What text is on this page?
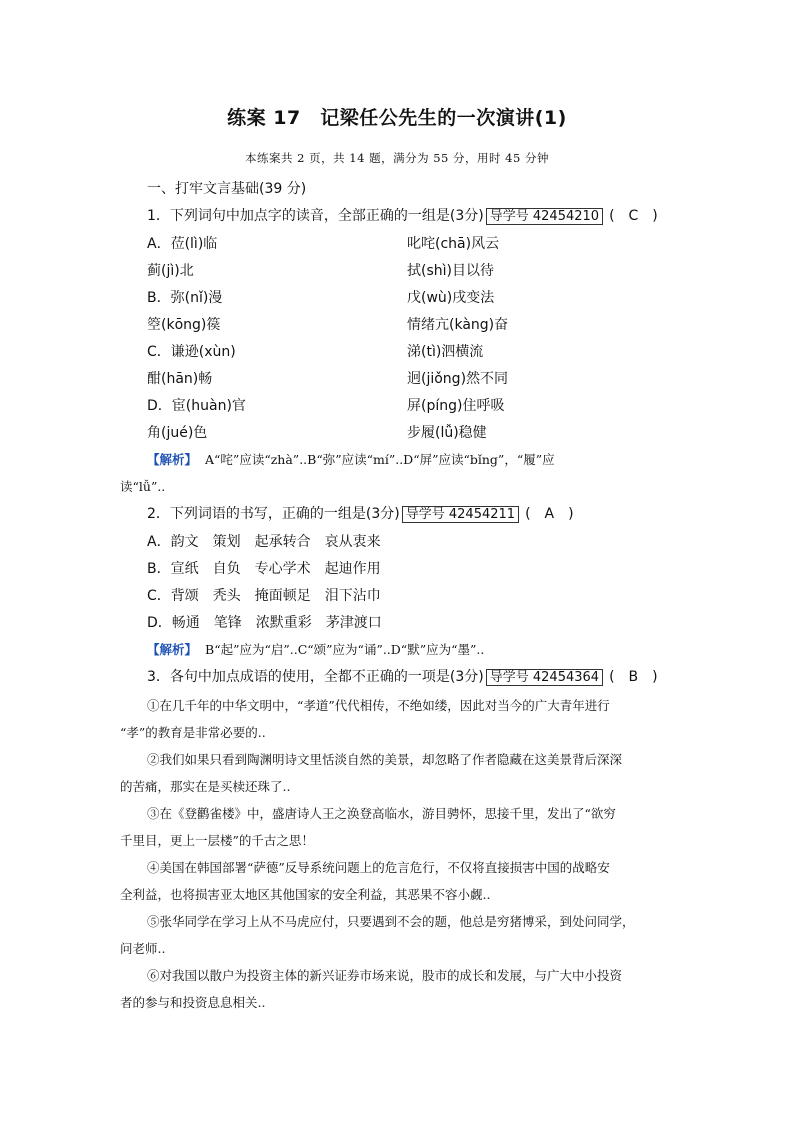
练案 17　记梁任公先生的一次演讲(1)
本练案共 2 页，共 14 题，满分为 55 分，用时 45 分钟
一、打牢文言基础(39 分)
1．下列词句中加点字的读音，全部正确的一组是(3分) 导学号 42454210 (　C　)
A．莅(lì)临	叱咤(chā)风云
蓟(jì)北	拭(shì)目以待
B．弥(nǐ)漫	戊(wù)戌变法
箜(kōng)篌	情绪亢(kàng)奋
C．谦逊(xùn)	涕(tì)泗横流
酣(hān)畅	迥(jiǒng)然不同
D．宦(huàn)官	屏(píng)住呼吸
角(jué)色	步履(lǚ)稳健
【解析】 A“咤”应读“zhà”..B“弥”应读“mí”..D“屏”应读“bǐng”，“履”应
读“lǚ”..
2．下列词语的书写，正确的一组是(3分) 导学号 42454211 (　A　)
A．韵文　策划　起承转合　哀从衷来
B．宣纸　自负　专心学术　起迪作用
C．背颂　秃头　掩面顿足　泪下沾巾
D．畅通　笔锋　浓默重彩　茅津渡口
【解析】 B“起”应为“启”..C“颂”应为“诵”..D“默”应为“墨”..
3．各句中加点成语的使用，全都不正确的一项是(3分) 导学号 42454364 (　B　)
①在几千年的中华文明中，“孝道”代代相传，不绝如缕，因此对当今的广大青年进行
“孝”的教育是非常必要的..
②我们如果只看到陶渊明诗文里恬淡自然的美景，却忽略了作者隐藏在这美景背后深深
的苦痛，那实在是买椟还珠了..
③在《登鹳雀楼》中，盛唐诗人王之涣登高临水，游目骋怀，思接千里，发出了“欲穷
千里目，更上一层楼”的千古之思！
④美国在韩国部署“萨德”反导系统问题上的危言危行，不仅将直接损害中国的战略安
全利益，也将损害亚太地区其他国家的安全利益，其恶果不容小觑..
⑤张华同学在学习上从不马虎应付，只要遇到不会的题，他总是穷猪博采，到处问同学，
问老师..
⑥对我国以散户为投资主体的新兴证券市场来说，股市的成长和发展，与广大中小投资
者的参与和投资息息相关..
